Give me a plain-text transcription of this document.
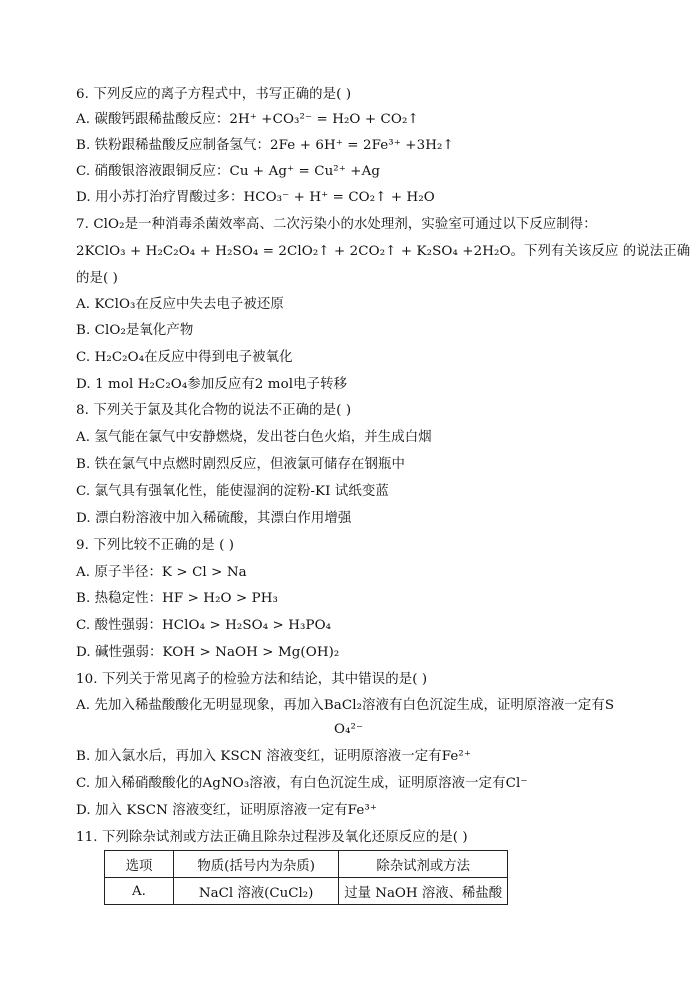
6. 下列反应的离子方程式中，书写正确的是( )
A. 碳酸钙跟稀盐酸反应：2H⁺ +CO₃²⁻ = H₂O + CO₂↑
B. 铁粉跟稀盐酸反应制备氢气：2Fe + 6H⁺ = 2Fe³⁺ +3H₂↑
C. 硝酸银溶液跟铜反应：Cu + Ag⁺ = Cu²⁺ +Ag
D. 用小苏打治疗胃酸过多：HCO₃⁻ + H⁺ = CO₂↑ + H₂O
7. ClO₂是一种消毒杀菌效率高、二次污染小的水处理剂，实验室可通过以下反应制得：
2KClO₃ + H₂C₂O₄ + H₂SO₄ = 2ClO₂↑ + 2CO₂↑ + K₂SO₄ +2H₂O。下列有关该反应 的说法正确
的是( )
A. KClO₃在反应中失去电子被还原
B. ClO₂是氧化产物
C. H₂C₂O₄在反应中得到电子被氧化
D. 1 mol H₂C₂O₄参加反应有2 mol电子转移
8. 下列关于氯及其化合物的说法不正确的是( )
A. 氢气能在氯气中安静燃烧，发出苍白色火焰，并生成白烟
B. 铁在氯气中点燃时剧烈反应，但液氯可储存在钢瓶中
C. 氯气具有强氧化性，能使湿润的淀粉-KI 试纸变蓝
D. 漂白粉溶液中加入稀硫酸，其漂白作用增强
9. 下列比较不正确的是 ( )
A. 原子半径：K > Cl > Na
B. 热稳定性：HF > H₂O > PH₃
C. 酸性强弱：HClO₄ > H₂SO₄ > H₃PO₄
D. 碱性强弱：KOH > NaOH > Mg(OH)₂
10. 下列关于常见离子的检验方法和结论，其中错误的是( )
A. 先加入稀盐酸酸化无明显现象，再加入BaCl₂溶液有白色沉淀生成，证明原溶液一定有S
O₄²⁻
B. 加入氯水后，再加入 KSCN 溶液变红，证明原溶液一定有Fe²⁺
C. 加入稀硝酸酸化的AgNO₃溶液，有白色沉淀生成，证明原溶液一定有Cl⁻
D. 加入 KSCN 溶液变红，证明原溶液一定有Fe³⁺
11. 下列除杂试剂或方法正确且除杂过程涉及氧化还原反应的是( )
选项	物质(括号内为杂质)	除杂试剂或方法
A.	NaCl 溶液(CuCl₂)	过量 NaOH 溶液、稀盐酸
